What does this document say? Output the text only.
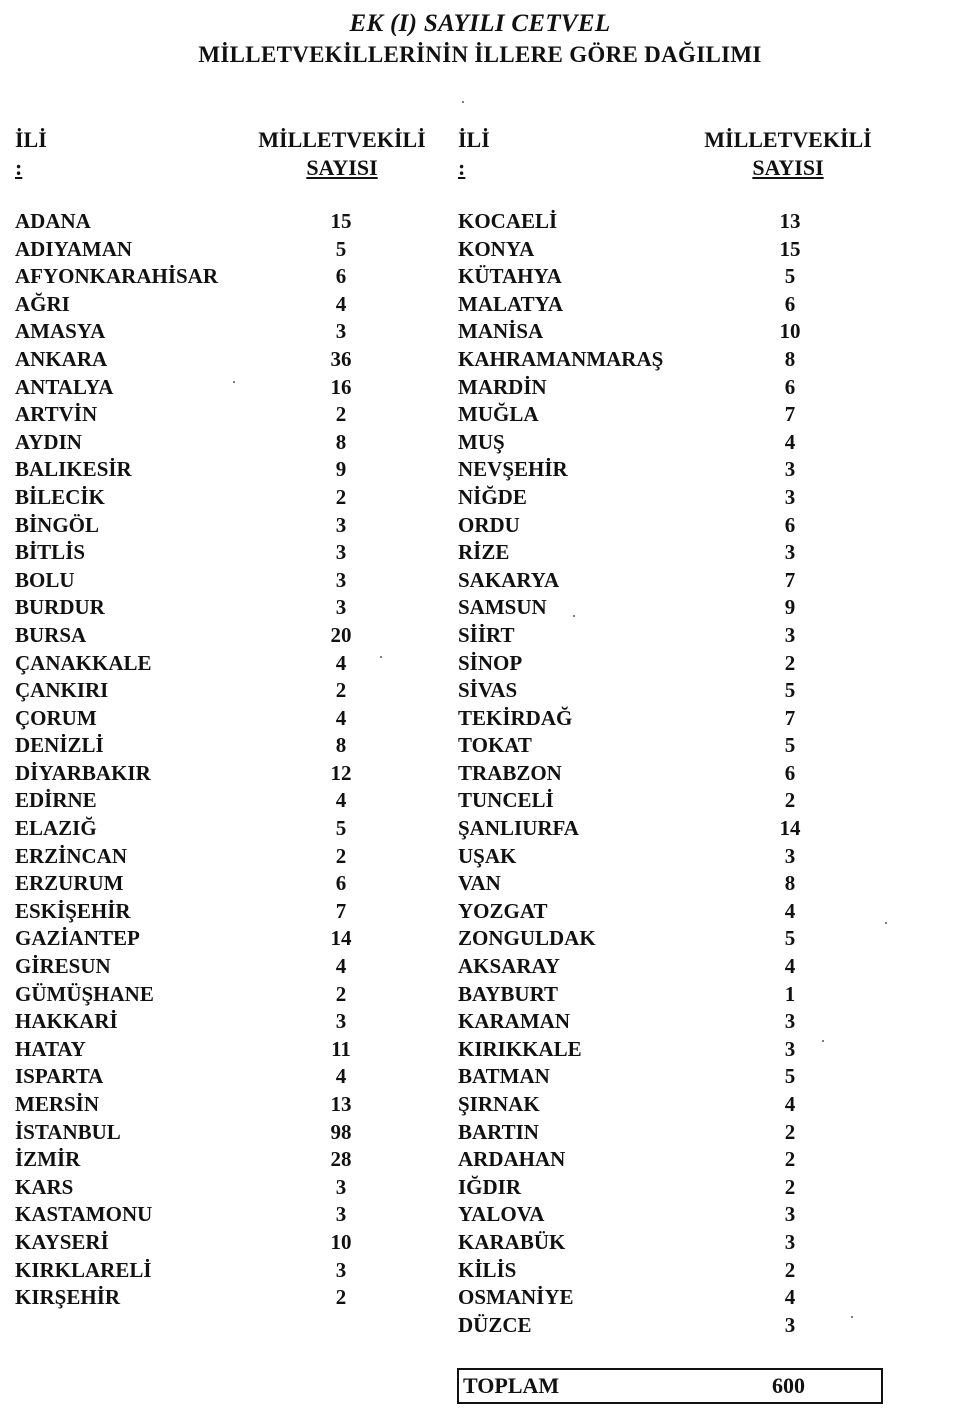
EK (I) SAYILI CETVEL
MİLLETVEKİLLERİNİN İLLERE GÖRE DAĞILIMI
İLİ
:
MİLLETVEKİLİ
SAYISI
İLİ
:
MİLLETVEKİLİ
SAYISI
ADANA	15
ADIYAMAN	5
AFYONKARAHİSAR	6
AĞRI	4
AMASYA	3
ANKARA	36
ANTALYA	16
ARTVİN	2
AYDIN	8
BALIKESİR	9
BİLECİK	2
BİNGÖL	3
BİTLİS	3
BOLU	3
BURDUR	3
BURSA	20
ÇANAKKALE	4
ÇANKIRI	2
ÇORUM	4
DENİZLİ	8
DİYARBAKIR	12
EDİRNE	4
ELAZIĞ	5
ERZİNCAN	2
ERZURUM	6
ESKİŞEHİR	7
GAZİANTEP	14
GİRESUN	4
GÜMÜŞHANE	2
HAKKARİ	3
HATAY	11
ISPARTA	4
MERSİN	13
İSTANBUL	98
İZMİR	28
KARS	3
KASTAMONU	3
KAYSERİ	10
KIRKLARELİ	3
KIRŞEHİR	2
KOCAELİ	13
KONYA	15
KÜTAHYA	5
MALATYA	6
MANİSA	10
KAHRAMANMARAŞ	8
MARDİN	6
MUĞLA	7
MUŞ	4
NEVŞEHİR	3
NİĞDE	3
ORDU	6
RİZE	3
SAKARYA	7
SAMSUN	9
SİİRT	3
SİNOP	2
SİVAS	5
TEKİRDAĞ	7
TOKAT	5
TRABZON	6
TUNCELİ	2
ŞANLIURFA	14
UŞAK	3
VAN	8
YOZGAT	4
ZONGULDAK	5
AKSARAY	4
BAYBURT	1
KARAMAN	3
KIRIKKALE	3
BATMAN	5
ŞIRNAK	4
BARTIN	2
ARDAHAN	2
IĞDIR	2
YALOVA	3
KARABÜK	3
KİLİS	2
OSMANİYE	4
DÜZCE	3
TOPLAM	600
